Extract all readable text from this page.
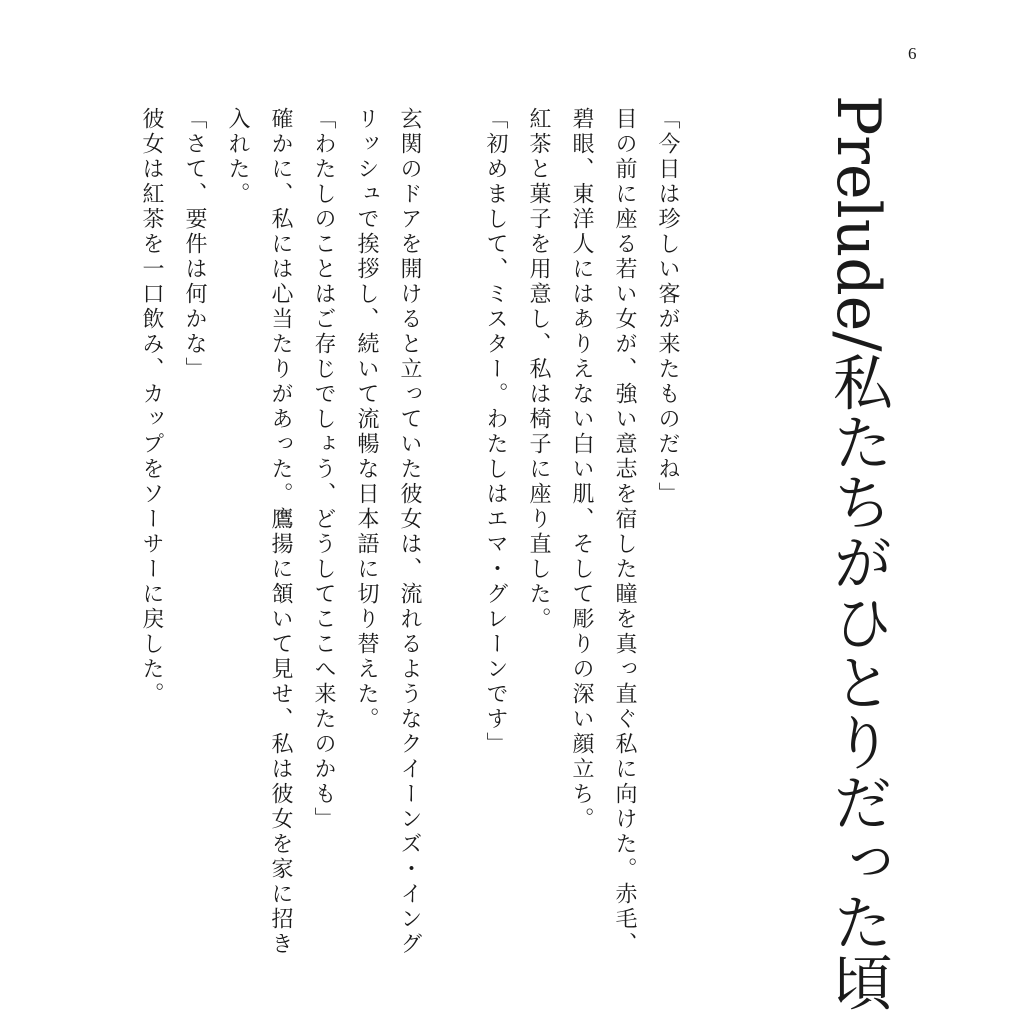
6
Prelude/私たちがひとりだった頃
「今日は珍しい客が来たものだね」
目の前に座る若い女が、強い意志を宿した瞳を真っ直ぐ私に向けた。赤毛、碧眼、東洋人にはありえない白い肌、そして彫りの深い顔立ち。
紅茶と菓子を用意し、私は椅子に座り直した。
「初めまして、ミスター。わたしはエマ・グレーンです」
玄関のドアを開けると立っていた彼女は、流れるようなクイーンズ・イングリッシュで挨拶し、続いて流暢な日本語に切り替えた。
「わたしのことはご存じでしょう、どうしてここへ来たのかも」
確かに、私には心当たりがあった。鷹揚に頷いて見せ、私は彼女を家に招き入れた。
「さて、要件は何かな」
彼女は紅茶を一口飲み、カップをソーサーに戻した。
